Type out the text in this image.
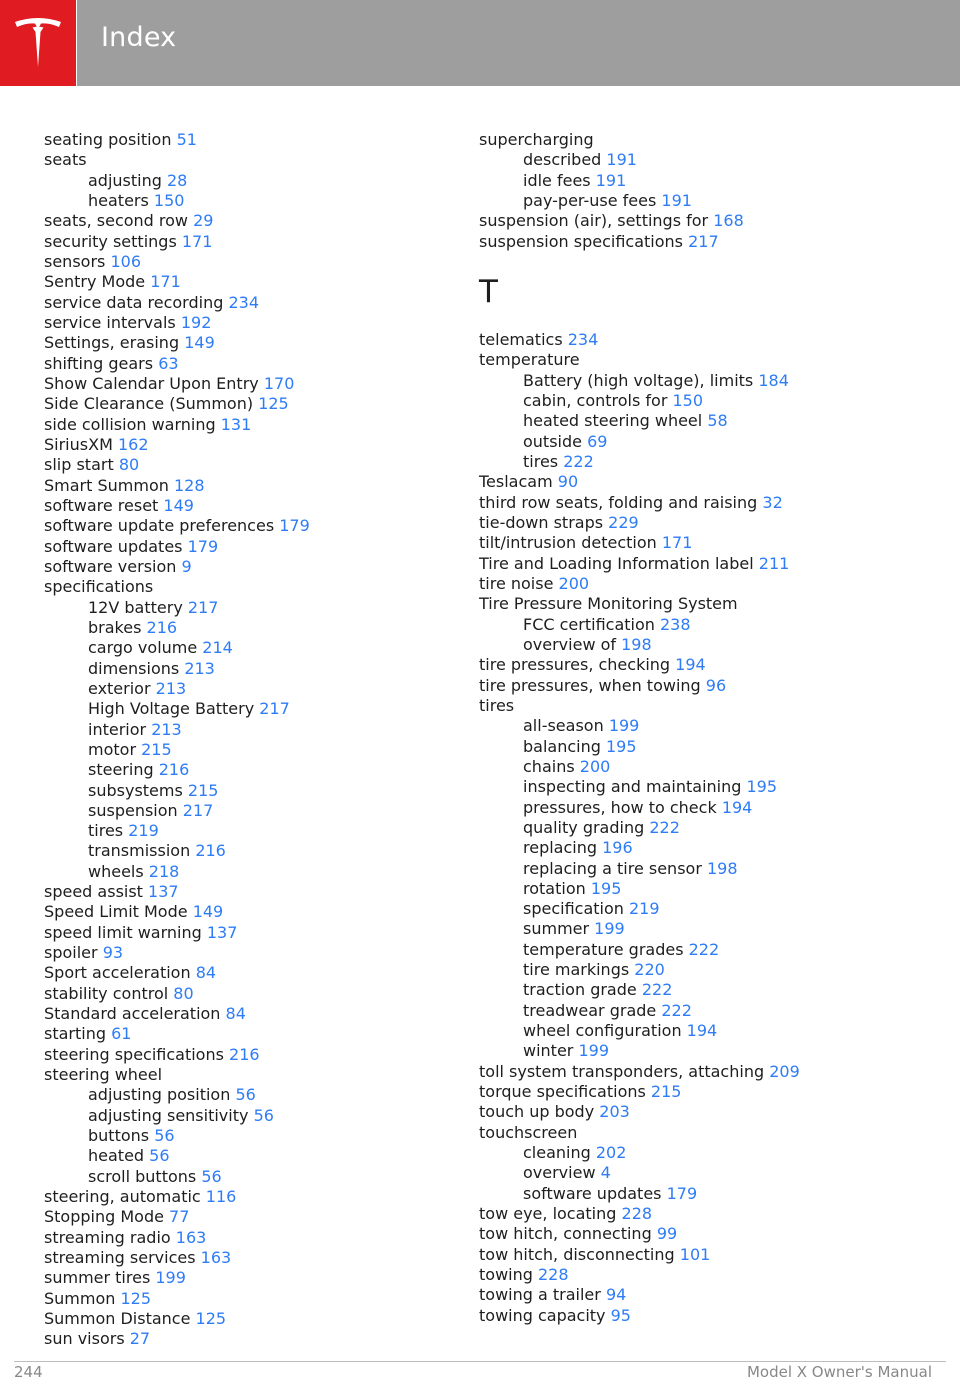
Index
seating position 51
seats
adjusting 28
heaters 150
seats, second row 29
security settings 171
sensors 106
Sentry Mode 171
service data recording 234
service intervals 192
Settings, erasing 149
shifting gears 63
Show Calendar Upon Entry 170
Side Clearance (Summon) 125
side collision warning 131
SiriusXM 162
slip start 80
Smart Summon 128
software reset 149
software update preferences 179
software updates 179
software version 9
specifications
12V battery 217
brakes 216
cargo volume 214
dimensions 213
exterior 213
High Voltage Battery 217
interior 213
motor 215
steering 216
subsystems 215
suspension 217
tires 219
transmission 216
wheels 218
speed assist 137
Speed Limit Mode 149
speed limit warning 137
spoiler 93
Sport acceleration 84
stability control 80
Standard acceleration 84
starting 61
steering specifications 216
steering wheel
adjusting position 56
adjusting sensitivity 56
buttons 56
heated 56
scroll buttons 56
steering, automatic 116
Stopping Mode 77
streaming radio 163
streaming services 163
summer tires 199
Summon 125
Summon Distance 125
sun visors 27
supercharging
described 191
idle fees 191
pay-per-use fees 191
suspension (air), settings for 168
suspension specifications 217
T
telematics 234
temperature
Battery (high voltage), limits 184
cabin, controls for 150
heated steering wheel 58
outside 69
tires 222
Teslacam 90
third row seats, folding and raising 32
tie-down straps 229
tilt/intrusion detection 171
Tire and Loading Information label 211
tire noise 200
Tire Pressure Monitoring System
FCC certification 238
overview of 198
tire pressures, checking 194
tire pressures, when towing 96
tires
all-season 199
balancing 195
chains 200
inspecting and maintaining 195
pressures, how to check 194
quality grading 222
replacing 196
replacing a tire sensor 198
rotation 195
specification 219
summer 199
temperature grades 222
tire markings 220
traction grade 222
treadwear grade 222
wheel configuration 194
winter 199
toll system transponders, attaching 209
torque specifications 215
touch up body 203
touchscreen
cleaning 202
overview 4
software updates 179
tow eye, locating 228
tow hitch, connecting 99
tow hitch, disconnecting 101
towing 228
towing a trailer 94
towing capacity 95
244	Model X Owner's Manual
